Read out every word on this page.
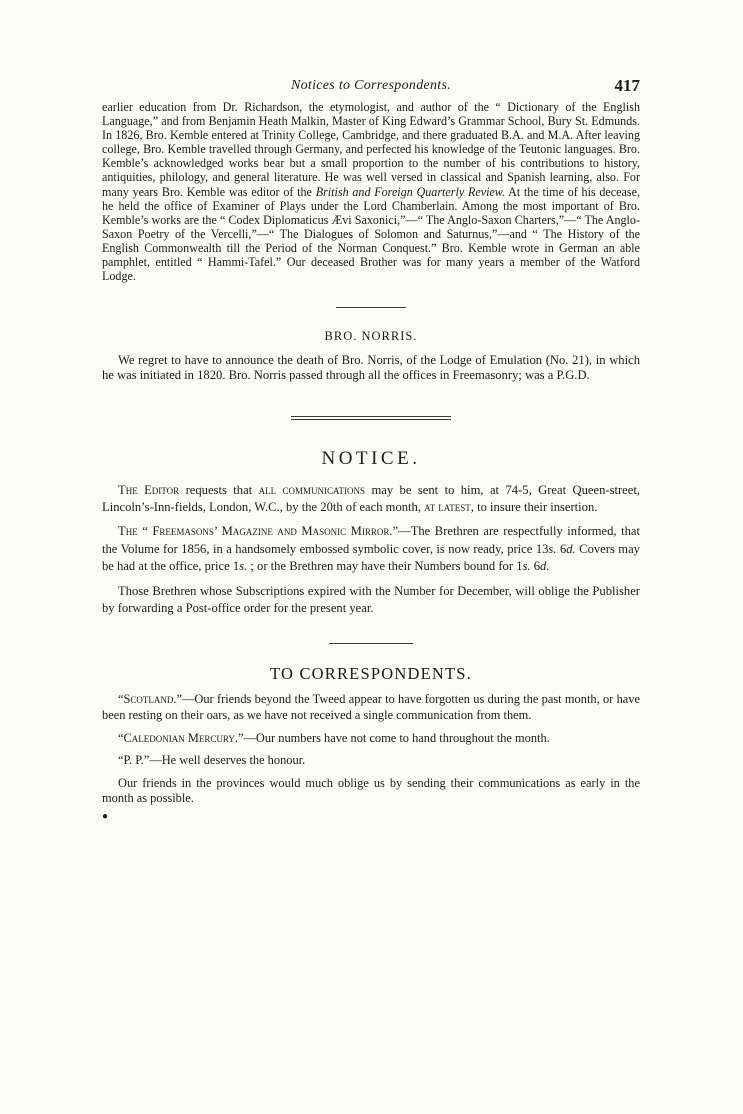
Notices to Correspondents.	417

earlier education from Dr. Richardson, the etymologist, and author of the “ Dictionary of the English Language,” and from Benjamin Heath Malkin, Master of King Edward’s Grammar School, Bury St. Edmunds. In 1826, Bro. Kemble entered at Trinity College, Cambridge, and there graduated B.A. and M.A. After leaving college, Bro. Kemble travelled through Germany, and perfected his knowledge of the Teutonic languages. Bro. Kemble’s acknowledged works bear but a small proportion to the number of his contributions to history, antiquities, philology, and general literature. He was well versed in classical and Spanish learning, also. For many years Bro. Kemble was editor of the British and Foreign Quarterly Review. At the time of his decease, he held the office of Examiner of Plays under the Lord Chamberlain. Among the most important of Bro. Kemble’s works are the “ Codex Diplomaticus Ævi Saxonici,”—“ The Anglo-Saxon Charters,”—“ The Anglo-Saxon Poetry of the Vercelli,”—“ The Dialogues of Solomon and Saturnus,”—and “ The History of the English Commonwealth till the Period of the Norman Conquest.” Bro. Kemble wrote in German an able pamphlet, entitled “ Hammi-Tafel.” Our deceased Brother was for many years a member of the Watford Lodge.

BRO. NORRIS.

We regret to have to announce the death of Bro. Norris, of the Lodge of Emulation (No. 21), in which he was initiated in 1820. Bro. Norris passed through all the offices in Freemasonry; was a P.G.D.

NOTICE.

The Editor requests that all communications may be sent to him, at 74-5, Great Queen-street, Lincoln’s-Inn-fields, London, W.C., by the 20th of each month, at latest, to insure their insertion.

The “ Freemasons’ Magazine and Masonic Mirror.”—The Brethren are respectfully informed, that the Volume for 1856, in a handsomely embossed symbolic cover, is now ready, price 13s. 6d. Covers may be had at the office, price 1s. ; or the Brethren may have their Numbers bound for 1s. 6d.

Those Brethren whose Subscriptions expired with the Number for December, will oblige the Publisher by forwarding a Post-office order for the present year.

TO CORRESPONDENTS.

“Scotland.”—Our friends beyond the Tweed appear to have forgotten us during the past month, or have been resting on their oars, as we have not received a single communication from them.

“Caledonian Mercury.”—Our numbers have not come to hand throughout the month.

“P. P.”—He well deserves the honour.

Our friends in the provinces would much oblige us by sending their communications as early in the month as possible.

●
